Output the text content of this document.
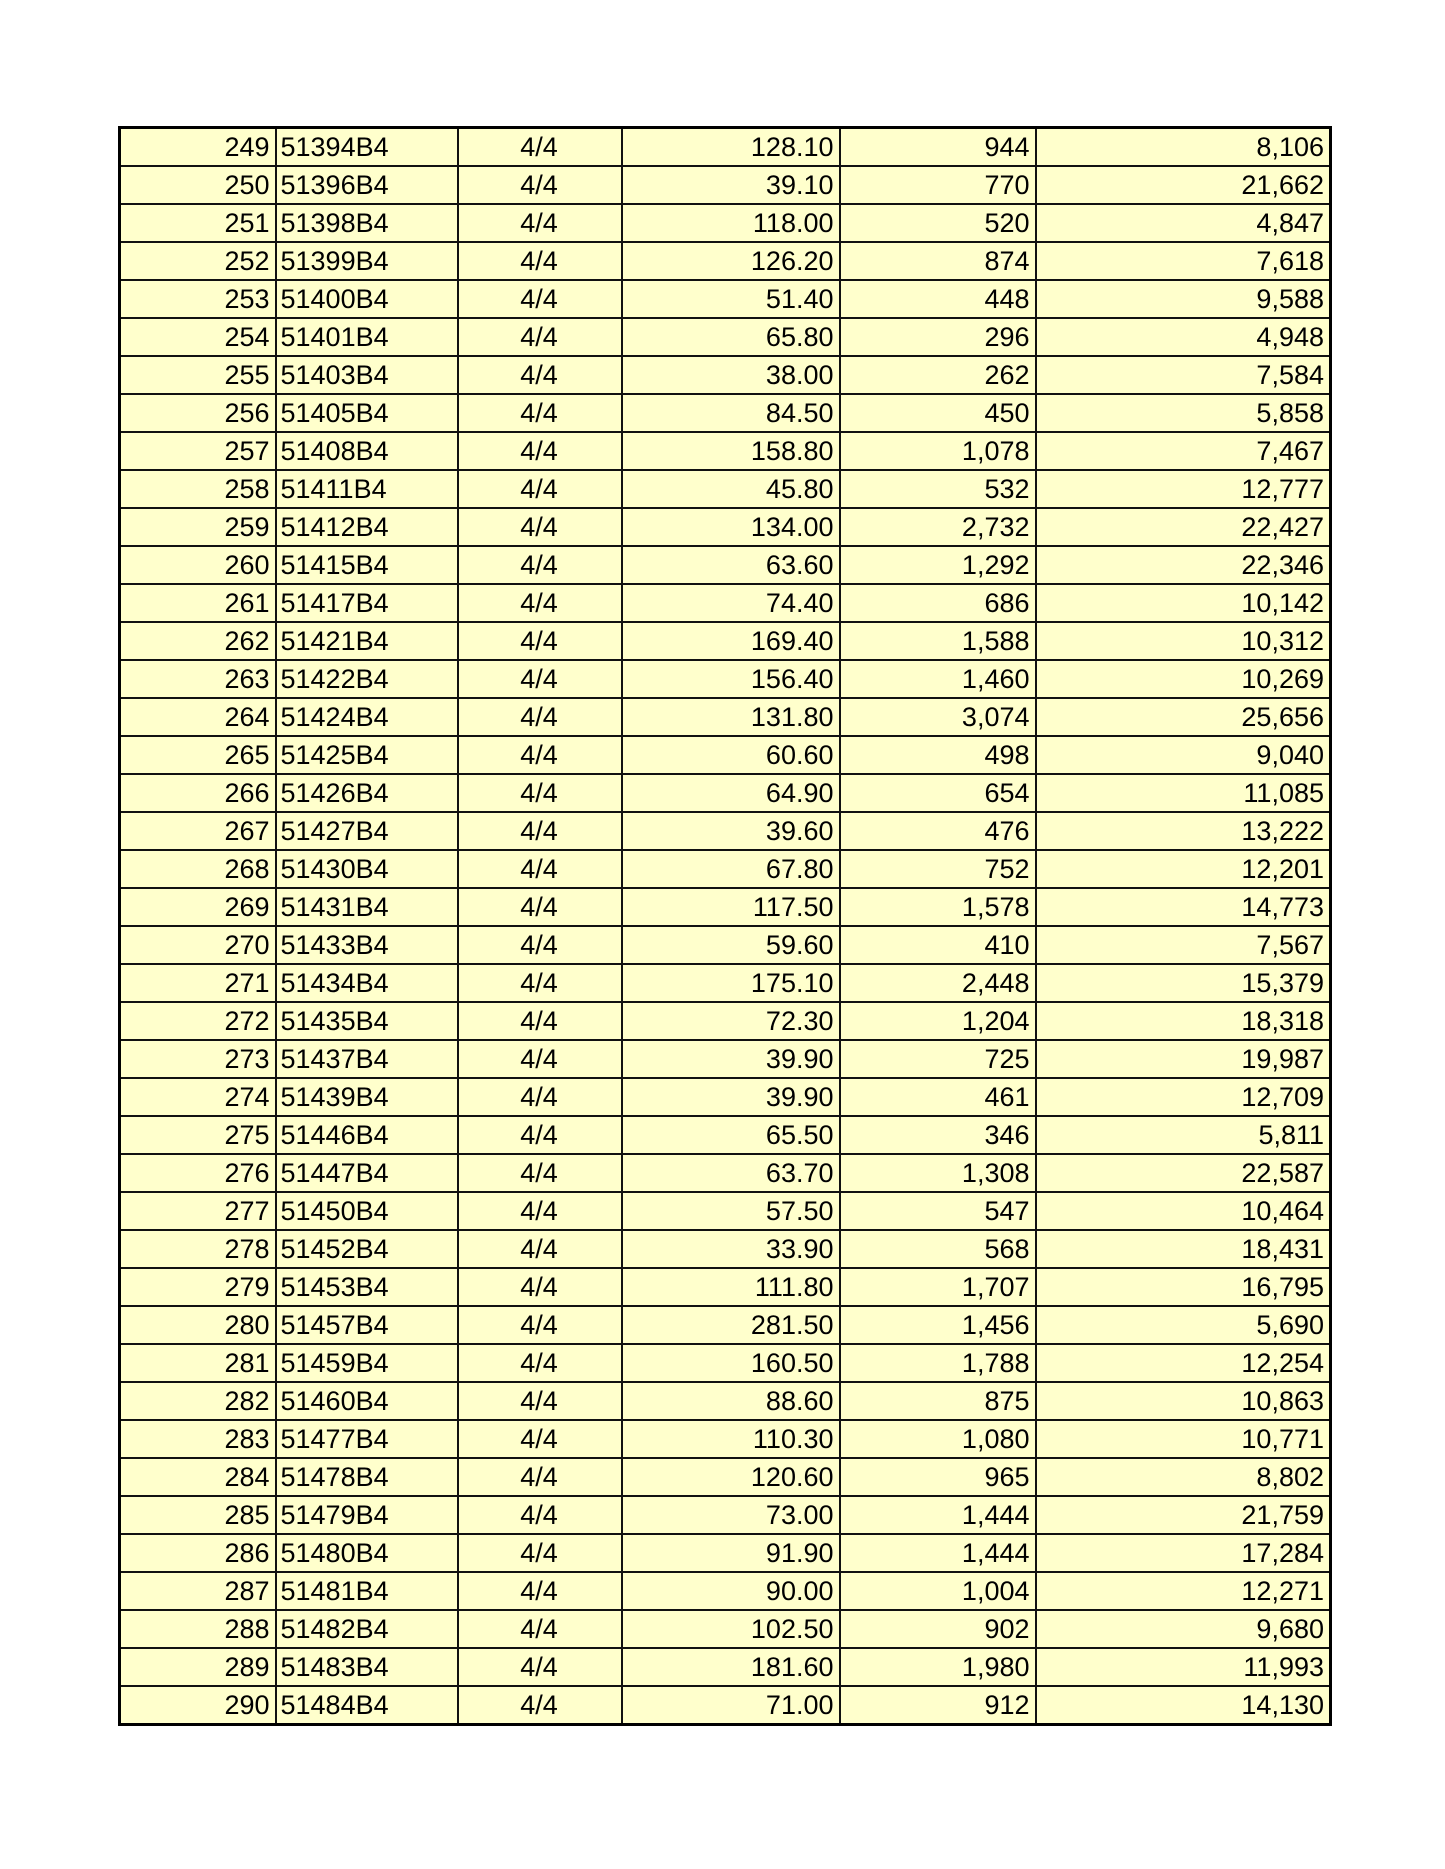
249	51394B4	4/4	128.10	944	8,106
250	51396B4	4/4	39.10	770	21,662
251	51398B4	4/4	118.00	520	4,847
252	51399B4	4/4	126.20	874	7,618
253	51400B4	4/4	51.40	448	9,588
254	51401B4	4/4	65.80	296	4,948
255	51403B4	4/4	38.00	262	7,584
256	51405B4	4/4	84.50	450	5,858
257	51408B4	4/4	158.80	1,078	7,467
258	51411B4	4/4	45.80	532	12,777
259	51412B4	4/4	134.00	2,732	22,427
260	51415B4	4/4	63.60	1,292	22,346
261	51417B4	4/4	74.40	686	10,142
262	51421B4	4/4	169.40	1,588	10,312
263	51422B4	4/4	156.40	1,460	10,269
264	51424B4	4/4	131.80	3,074	25,656
265	51425B4	4/4	60.60	498	9,040
266	51426B4	4/4	64.90	654	11,085
267	51427B4	4/4	39.60	476	13,222
268	51430B4	4/4	67.80	752	12,201
269	51431B4	4/4	117.50	1,578	14,773
270	51433B4	4/4	59.60	410	7,567
271	51434B4	4/4	175.10	2,448	15,379
272	51435B4	4/4	72.30	1,204	18,318
273	51437B4	4/4	39.90	725	19,987
274	51439B4	4/4	39.90	461	12,709
275	51446B4	4/4	65.50	346	5,811
276	51447B4	4/4	63.70	1,308	22,587
277	51450B4	4/4	57.50	547	10,464
278	51452B4	4/4	33.90	568	18,431
279	51453B4	4/4	111.80	1,707	16,795
280	51457B4	4/4	281.50	1,456	5,690
281	51459B4	4/4	160.50	1,788	12,254
282	51460B4	4/4	88.60	875	10,863
283	51477B4	4/4	110.30	1,080	10,771
284	51478B4	4/4	120.60	965	8,802
285	51479B4	4/4	73.00	1,444	21,759
286	51480B4	4/4	91.90	1,444	17,284
287	51481B4	4/4	90.00	1,004	12,271
288	51482B4	4/4	102.50	902	9,680
289	51483B4	4/4	181.60	1,980	11,993
290	51484B4	4/4	71.00	912	14,130
